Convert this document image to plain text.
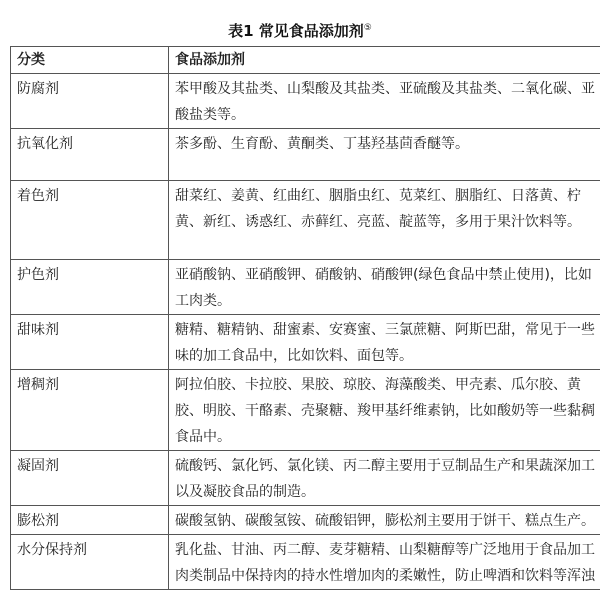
表1 常见食品添加剂⑤
分类	食品添加剂
防腐剂	苯甲酸及其盐类、山梨酸及其盐类、亚硫酸及其盐类、二氧化碳、亚
酸盐类等。

抗氧化剂	茶多酚、生育酚、黄酮类、丁基羟基茴香醚等。

着色剂	甜菜红、姜黄、红曲红、胭脂虫红、苋菜红、胭脂红、日落黄、柠
黄、新红、诱惑红、赤藓红、亮蓝、靛蓝等，多用于果汁饮料等。

护色剂	亚硝酸钠、亚硝酸钾、硝酸钠、硝酸钾(绿色食品中禁止使用)，比如
工肉类。

甜味剂	糖精、糖精钠、甜蜜素、安赛蜜、三氯蔗糖、阿斯巴甜，常见于一些
味的加工食品中，比如饮料、面包等。

增稠剂	阿拉伯胶、卡拉胶、果胶、琼胶、海藻酸类、甲壳素、瓜尔胶、黄
胶、明胶、干酪素、壳聚糖、羧甲基纤维素钠，比如酸奶等一些黏稠
食品中。

凝固剂	硫酸钙、氯化钙、氯化镁、丙二醇主要用于豆制品生产和果蔬深加工
以及凝胶食品的制造。

膨松剂	碳酸氢钠、碳酸氢铵、硫酸铝钾，膨松剂主要用于饼干、糕点生产。

水分保持剂	乳化盐、甘油、丙二醇、麦芽糖精、山梨糖醇等广泛地用于食品加工
肉类制品中保持肉的持水性增加肉的柔嫩性，防止啤酒和饮料等浑浊
